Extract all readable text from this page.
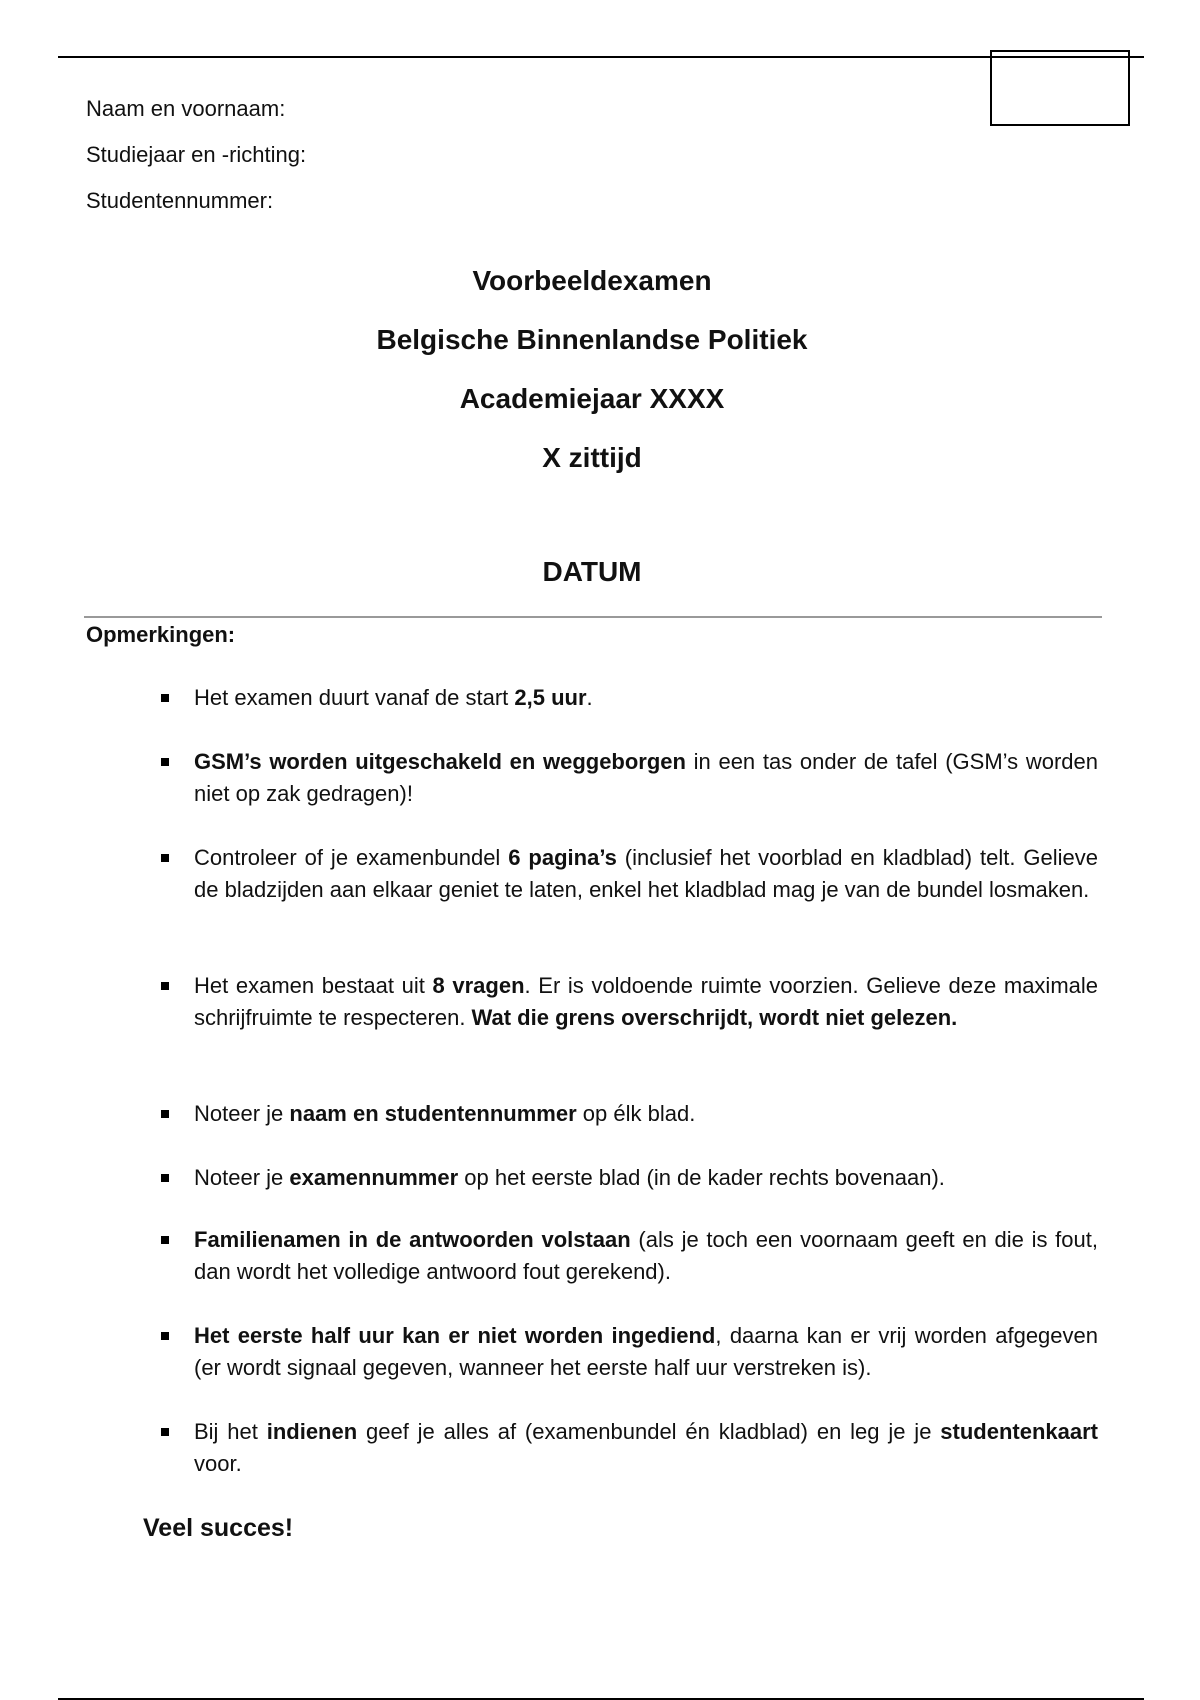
Naam en voornaam:
Studiejaar en -richting:
Studentennummer:
Voorbeeldexamen
Belgische Binnenlandse Politiek
Academiejaar XXXX
X zittijd
DATUM
Opmerkingen:
Het examen duurt vanaf de start 2,5 uur.
GSM’s worden uitgeschakeld en weggeborgen in een tas onder de tafel (GSM’s worden niet op zak gedragen)!
Controleer of je examenbundel 6 pagina’s (inclusief het voorblad en kladblad) telt. Gelieve de bladzijden aan elkaar geniet te laten, enkel het kladblad mag je van de bundel losmaken.
Het examen bestaat uit 8 vragen. Er is voldoende ruimte voorzien. Gelieve deze maximale schrijfruimte te respecteren. Wat die grens overschrijdt, wordt niet gelezen.
Noteer je naam en studentennummer op élk blad.
Noteer je examennummer op het eerste blad (in de kader rechts bovenaan).
Familienamen in de antwoorden volstaan (als je toch een voornaam geeft en die is fout, dan wordt het volledige antwoord fout gerekend).
Het eerste half uur kan er niet worden ingediend, daarna kan er vrij worden afgegeven (er wordt signaal gegeven, wanneer het eerste half uur verstreken is).
Bij het indienen geef je alles af (examenbundel én kladblad) en leg je je studentenkaart voor.
Veel succes!
